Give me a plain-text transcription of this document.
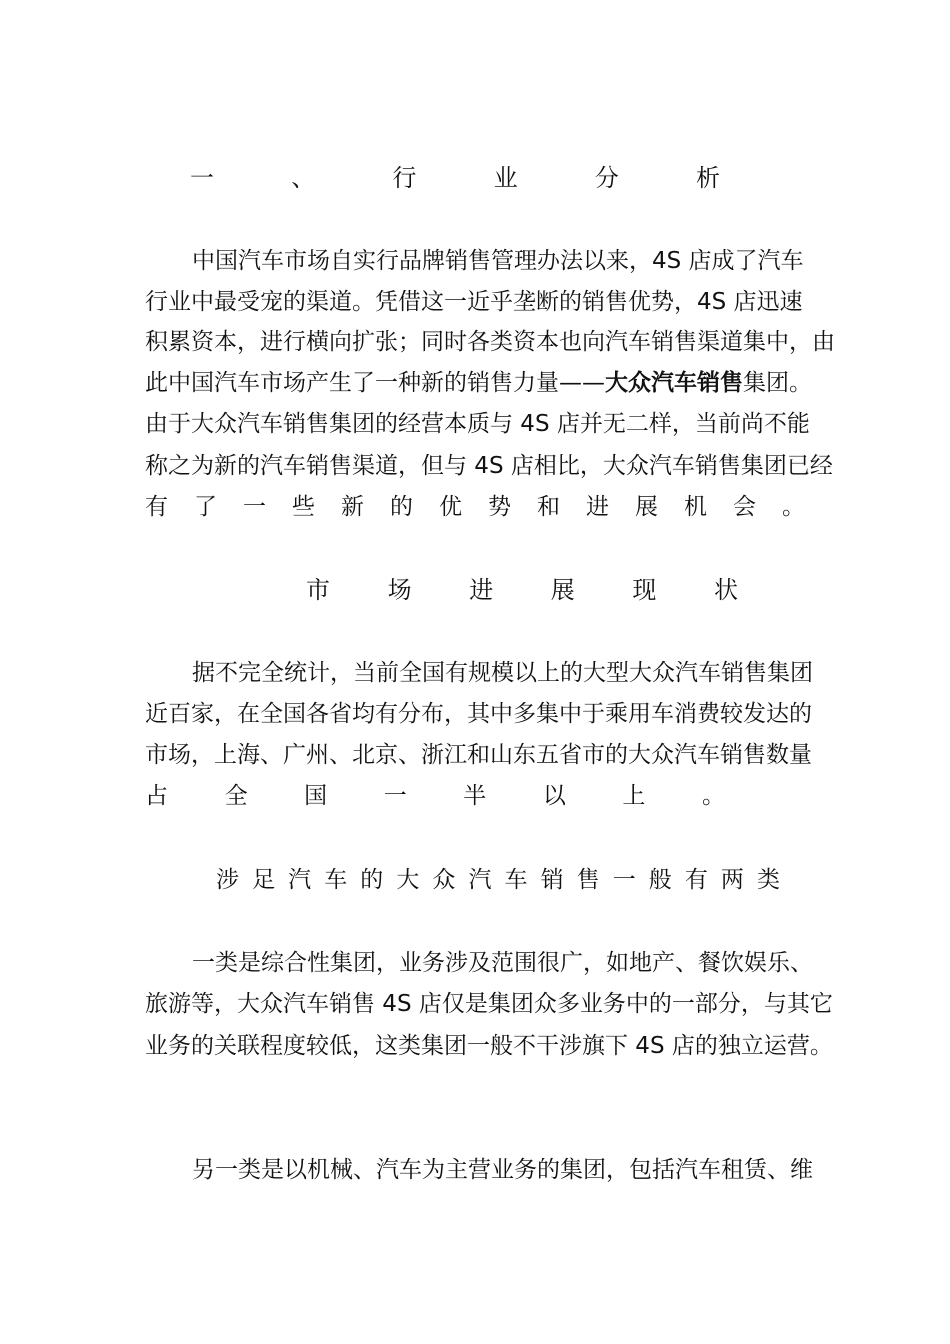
一	、	行	业	分	析
中国汽车市场自实行品牌销售管理办法以来，4S 店成了汽车
行业中最受宠的渠道。凭借这一近乎垄断的销售优势，4S 店迅速
积累资本，进行横向扩张；同时各类资本也向汽车销售渠道集中，由
此中国汽车市场产生了一种新的销售力量——大众汽车销售集团。
由于大众汽车销售集团的经营本质与 4S 店并无二样，当前尚不能
称之为新的汽车销售渠道，但与 4S 店相比，大众汽车销售集团已经
有 了 一 些 新 的 优 势 和 进 展 机 会 。
市 场 进 展 现 状
据不完全统计，当前全国有规模以上的大型大众汽车销售集团
近百家，在全国各省均有分布，其中多集中于乘用车消费较发达的
市场，上海、广州、北京、浙江和山东五省市的大众汽车销售数量
占 全 国 一 半 以 上 。
涉 足 汽 车 的 大 众 汽 车 销 售 一 般 有 两 类
一类是综合性集团，业务涉及范围很广，如地产、餐饮娱乐、
旅游等，大众汽车销售 4S 店仅是集团众多业务中的一部分，与其它
业务的关联程度较低，这类集团一般不干涉旗下 4S 店的独立运营。
另一类是以机械、汽车为主营业务的集团，包括汽车租赁、维
